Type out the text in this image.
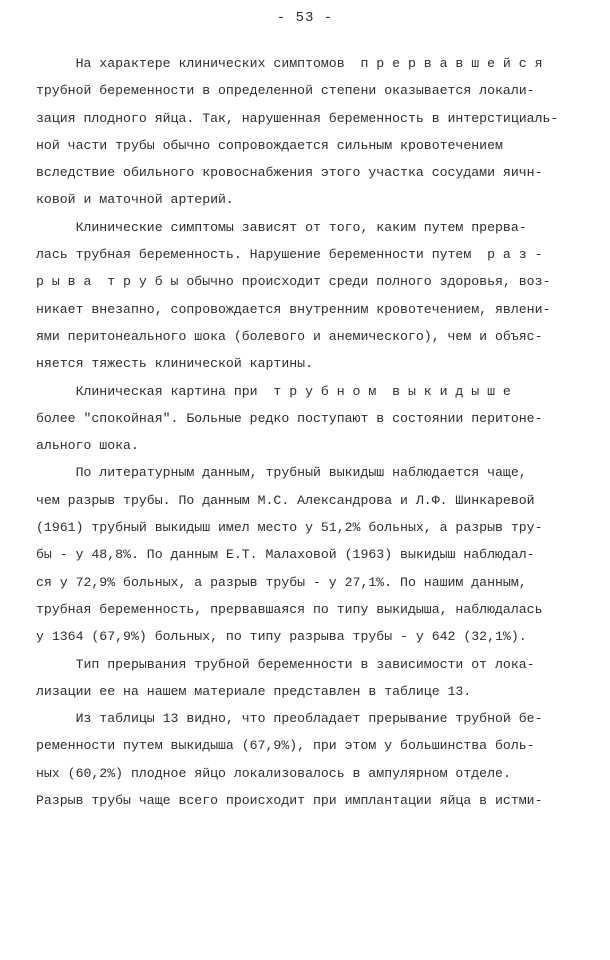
- 53 -
На характере клинических симптомов  п р е р в а в ш е й с я
трубной беременности в определенной степени оказывается локали-
зация плодного яйца. Так, нарушенная беременность в интерстициаль-
ной части трубы обычно сопровождается сильным кровотечением
вследствие обильного кровоснабжения этого участка сосудами яичн-
ковой и маточной артерий.
Клинические симптомы зависят от того, каким путем прерва-
лась трубная беременность. Нарушение беременности путем  р а з -
р ы в а  т р у б ы обычно происходит среди полного здоровья, воз-
никает внезапно, сопровождается внутренним кровотечением, явлени-
ями перитонеального шока (болевого и анемического), чем и объяс-
няется тяжесть клинической картины.
Клиническая картина при  т р у б н о м  в ы к и д ы ш е
более "спокойная". Больные редко поступают в состоянии перитоне-
ального шока.
По литературным данным, трубный выкидыш наблюдается чаще,
чем разрыв трубы. По данным М.С. Александрова и Л.Ф. Шинкаревой
(1961) трубный выкидыш имел место у 51,2% больных, а разрыв тру-
бы - у 48,8%. По данным Е.Т. Малаховой (1963) выкидыш наблюдал-
ся у 72,9% больных, а разрыв трубы - у 27,1%. По нашим данным,
трубная беременность, прервавшаяся по типу выкидыша, наблюдалась
у 1364 (67,9%) больных, по типу разрыва трубы - у 642 (32,1%).
Тип прерывания трубной беременности в зависимости от лока-
лизации ее на нашем материале представлен в таблице 13.
Из таблицы 13 видно, что преобладает прерывание трубной бе-
ременности путем выкидыша (67,9%), при этом у большинства боль-
ных (60,2%) плодное яйцо локализовалось в ампулярном отделе.
Разрыв трубы чаще всего происходит при имплантации яйца в истми-
